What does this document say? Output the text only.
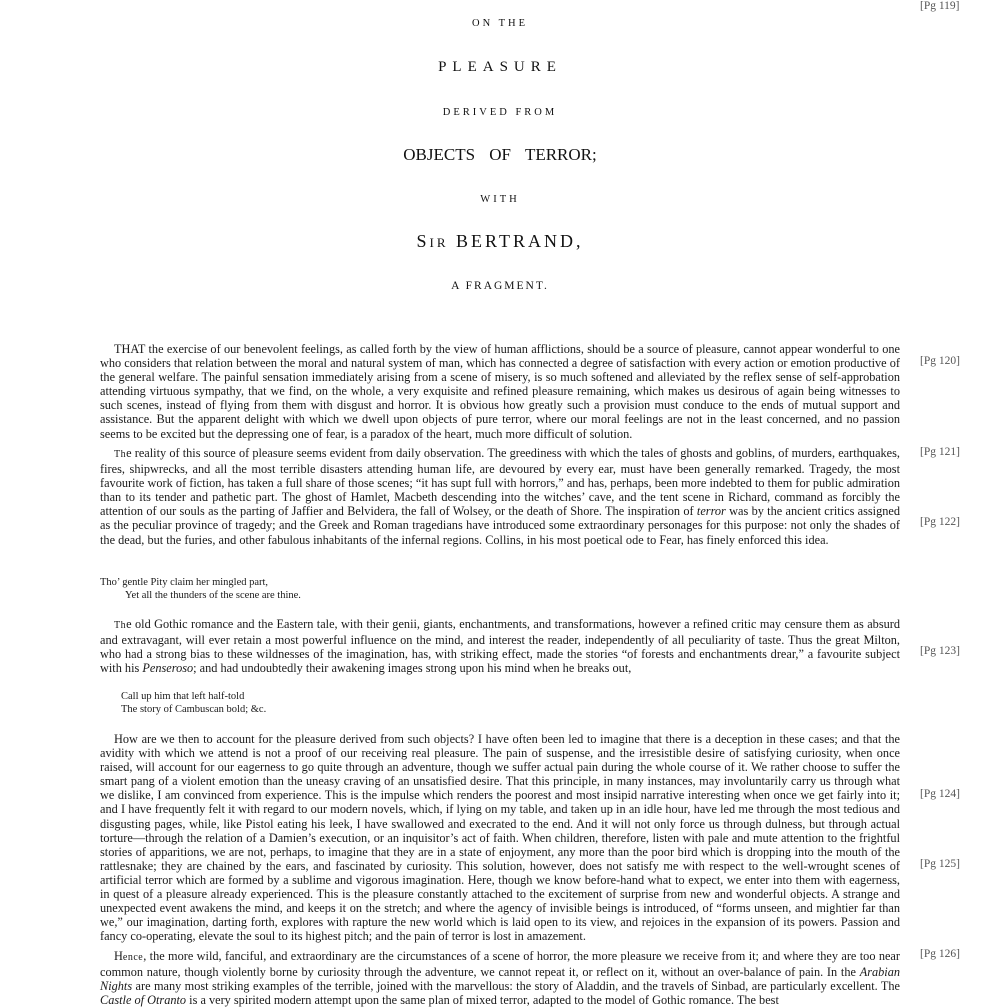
[Pg 119]
[Pg 120]
[Pg 121]
[Pg 122]
[Pg 123]
[Pg 124]
[Pg 125]
[Pg 126]
ON THE
PLEASURE
DERIVED FROM
OBJECTS OF TERROR;
WITH
SIR BERTRAND,
A FRAGMENT.

THAT the exercise of our benevolent feelings, as called forth by the view of human afflictions, should be a source of pleasure, cannot appear wonderful to one who considers that relation between the moral and natural system of man, which has connected a degree of satisfaction with every action or emotion productive of the general welfare. The painful sensation immediately arising from a scene of misery, is so much softened and alleviated by the reflex sense of self-approbation attending virtuous sympathy, that we find, on the whole, a very exquisite and refined pleasure remaining, which makes us desirous of again being witnesses to such scenes, instead of flying from them with disgust and horror. It is obvious how greatly such a provision must conduce to the ends of mutual support and assistance. But the apparent delight with which we dwell upon objects of pure terror, where our moral feelings are not in the least concerned, and no passion seems to be excited but the depressing one of fear, is a paradox of the heart, much more difficult of solution.

The reality of this source of pleasure seems evident from daily observation. The greediness with which the tales of ghosts and goblins, of murders, earthquakes, fires, shipwrecks, and all the most terrible disasters attending human life, are devoured by every ear, must have been generally remarked. Tragedy, the most favourite work of fiction, has taken a full share of those scenes; “it has supt full with horrors,” and has, perhaps, been more indebted to them for public admiration than to its tender and pathetic part. The ghost of Hamlet, Macbeth descending into the witches’ cave, and the tent scene in Richard, command as forcibly the attention of our souls as the parting of Jaffier and Belvidera, the fall of Wolsey, or the death of Shore. The inspiration of terror was by the ancient critics assigned as the peculiar province of tragedy; and the Greek and Roman tragedians have introduced some extraordinary personages for this purpose: not only the shades of the dead, but the furies, and other fabulous inhabitants of the infernal regions. Collins, in his most poetical ode to Fear, has finely enforced this idea.

Tho’ gentle Pity claim her mingled part,
Yet all the thunders of the scene are thine.

The old Gothic romance and the Eastern tale, with their genii, giants, enchantments, and transformations, however a refined critic may censure them as absurd and extravagant, will ever retain a most powerful influence on the mind, and interest the reader, independently of all peculiarity of taste. Thus the great Milton, who had a strong bias to these wildnesses of the imagination, has, with striking effect, made the stories “of forests and enchantments drear,” a favourite subject with his Penseroso; and had undoubtedly their awakening images strong upon his mind when he breaks out,

Call up him that left half-told
The story of Cambuscan bold; &c.

How are we then to account for the pleasure derived from such objects? I have often been led to imagine that there is a deception in these cases; and that the avidity with which we attend is not a proof of our receiving real pleasure. The pain of suspense, and the irresistible desire of satisfying curiosity, when once raised, will account for our eagerness to go quite through an adventure, though we suffer actual pain during the whole course of it. We rather choose to suffer the smart pang of a violent emotion than the uneasy craving of an unsatisfied desire. That this principle, in many instances, may involuntarily carry us through what we dislike, I am convinced from experience. This is the impulse which renders the poorest and most insipid narrative interesting when once we get fairly into it; and I have frequently felt it with regard to our modern novels, which, if lying on my table, and taken up in an idle hour, have led me through the most tedious and disgusting pages, while, like Pistol eating his leek, I have swallowed and execrated to the end. And it will not only force us through dulness, but through actual torture—through the relation of a Damien’s execution, or an inquisitor’s act of faith. When children, therefore, listen with pale and mute attention to the frightful stories of apparitions, we are not, perhaps, to imagine that they are in a state of enjoyment, any more than the poor bird which is dropping into the mouth of the rattlesnake; they are chained by the ears, and fascinated by curiosity. This solution, however, does not satisfy me with respect to the well-wrought scenes of artificial terror which are formed by a sublime and vigorous imagination. Here, though we know before-hand what to expect, we enter into them with eagerness, in quest of a pleasure already experienced. This is the pleasure constantly attached to the excitement of surprise from new and wonderful objects. A strange and unexpected event awakens the mind, and keeps it on the stretch; and where the agency of invisible beings is introduced, of “forms unseen, and mightier far than we,” our imagination, darting forth, explores with rapture the new world which is laid open to its view, and rejoices in the expansion of its powers. Passion and fancy co-operating, elevate the soul to its highest pitch; and the pain of terror is lost in amazement.

Hence, the more wild, fanciful, and extraordinary are the circumstances of a scene of horror, the more pleasure we receive from it; and where they are too near common nature, though violently borne by curiosity through the adventure, we cannot repeat it, or reflect on it, without an over-balance of pain. In the Arabian Nights are many most striking examples of the terrible, joined with the marvellous: the story of Aladdin, and the travels of Sinbad, are particularly excellent. The Castle of Otranto is a very spirited modern attempt upon the same plan of mixed terror, adapted to the model of Gothic romance. The best
